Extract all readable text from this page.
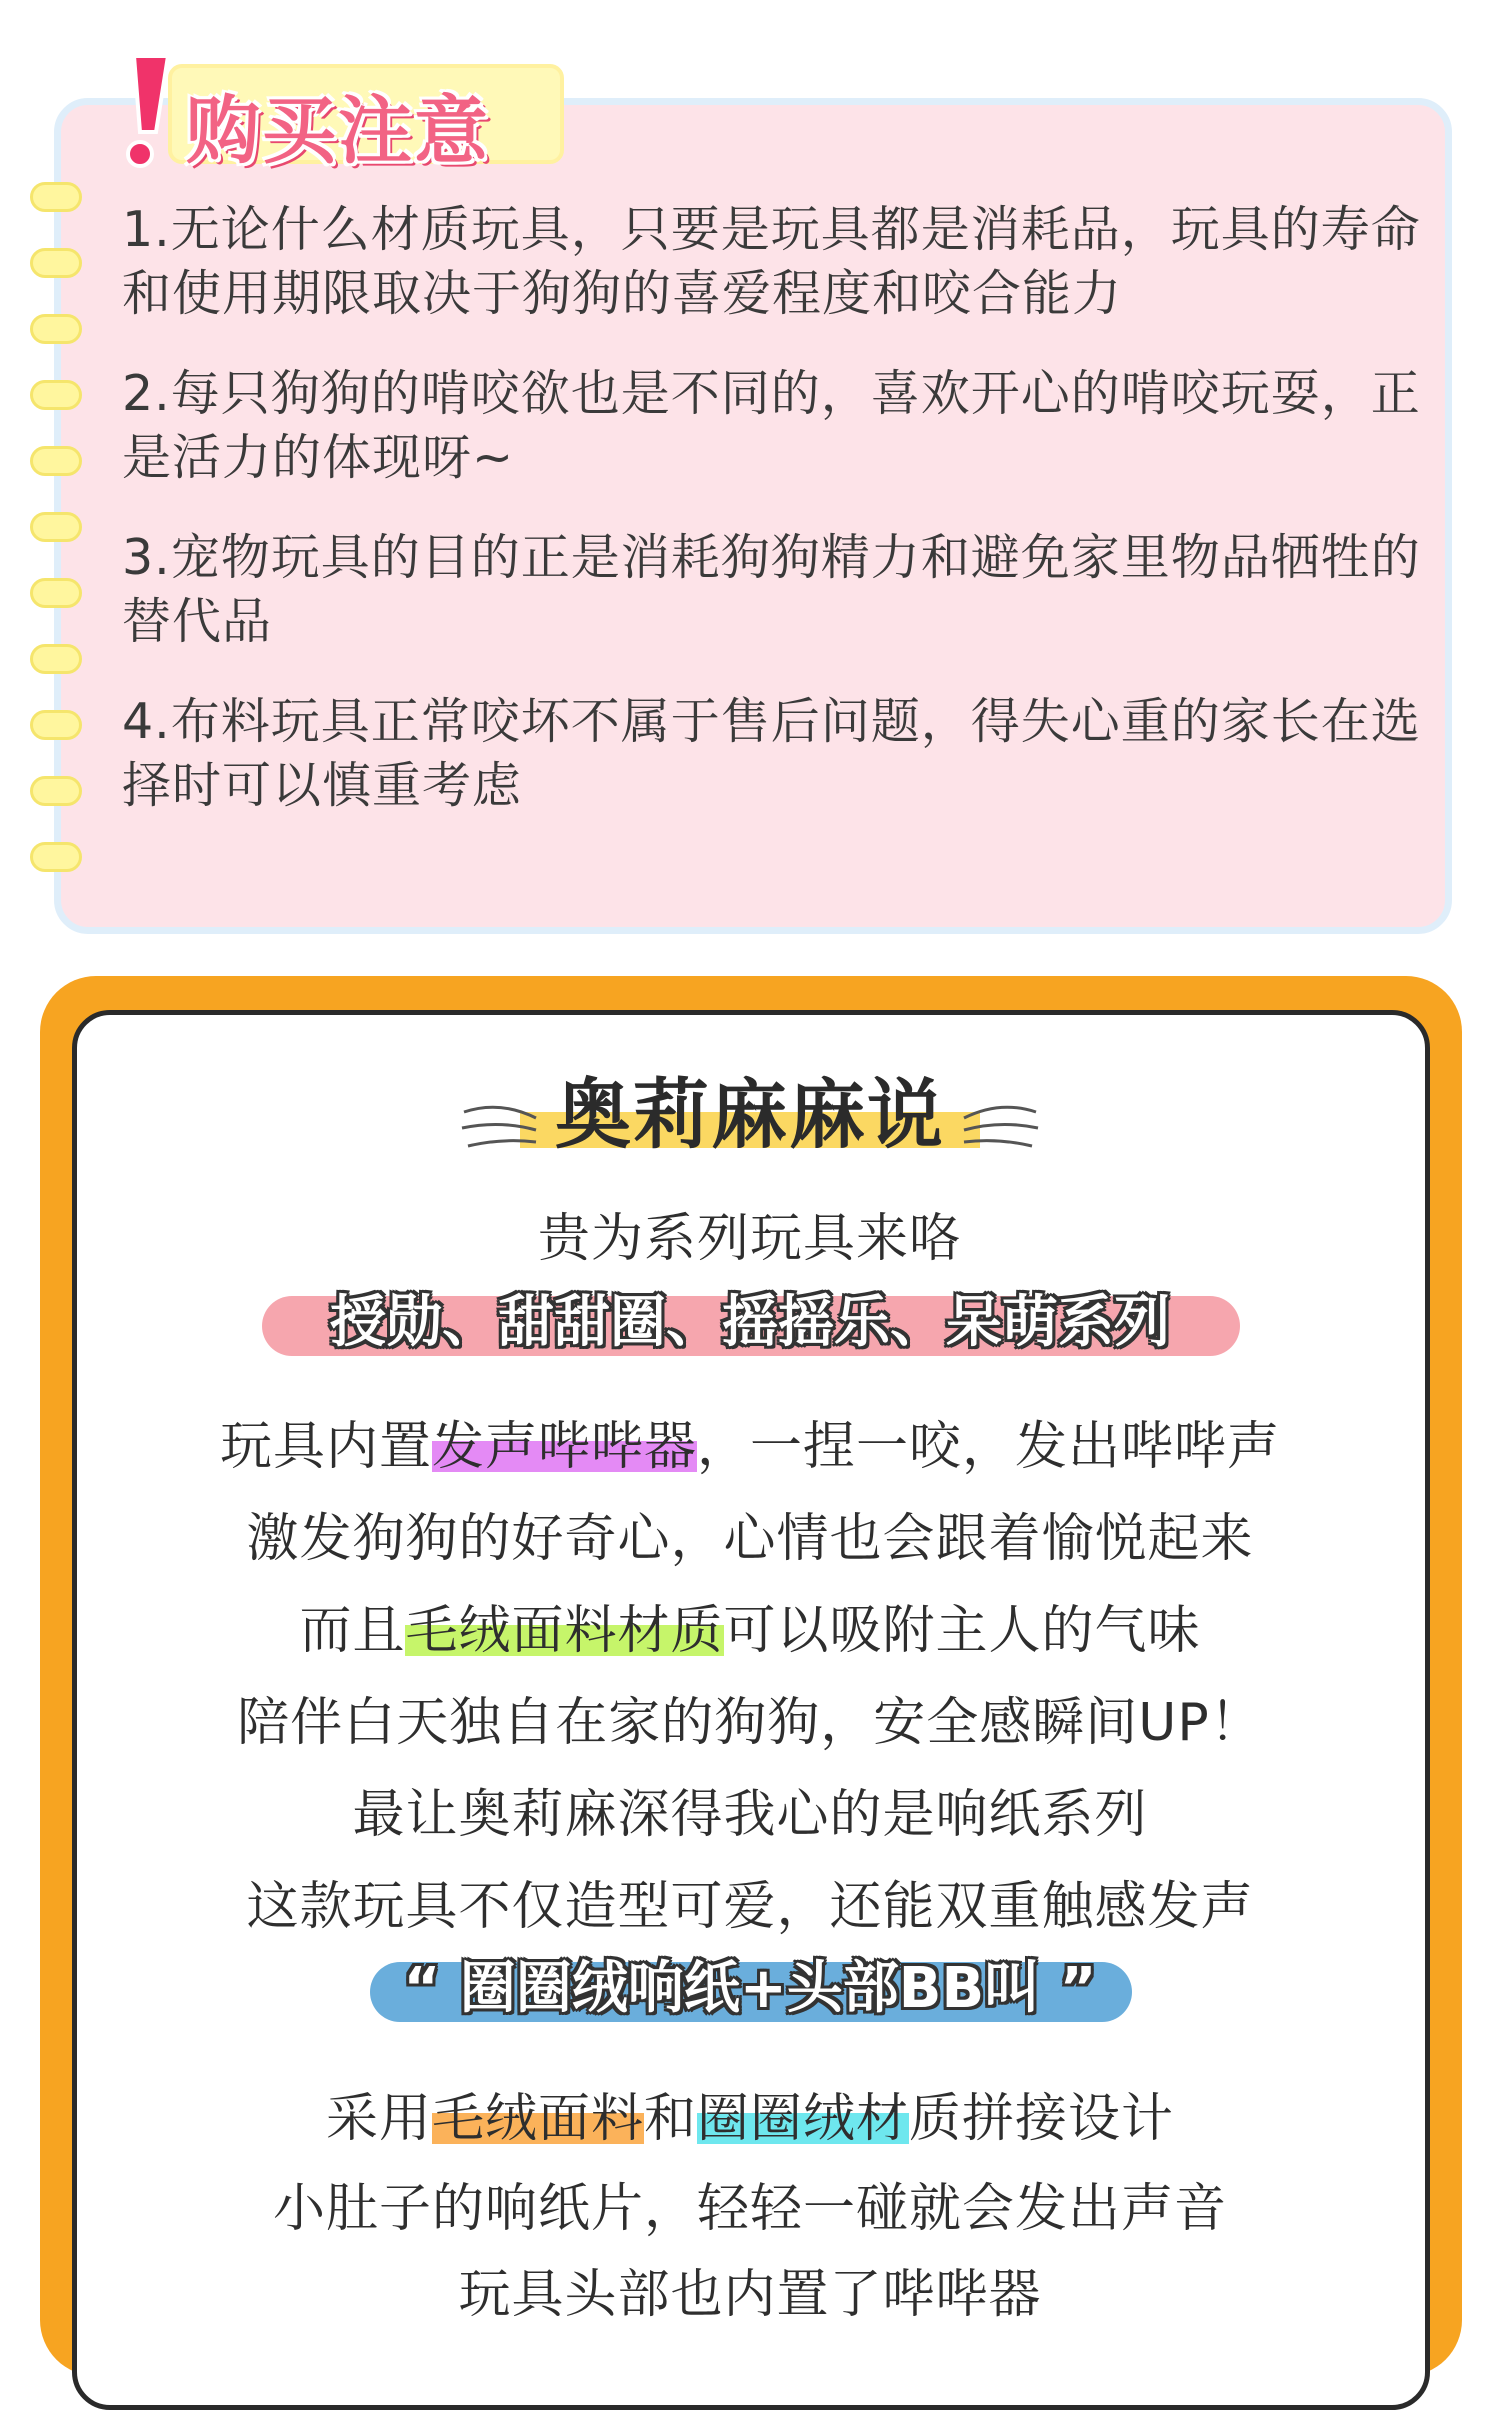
购买注意
1.无论什么材质玩具，只要是玩具都是消耗品，玩具的寿命和使用期限取决于狗狗的喜爱程度和咬合能力
2.每只狗狗的啃咬欲也是不同的，喜欢开心的啃咬玩耍，正是活力的体现呀~
3.宠物玩具的目的正是消耗狗狗精力和避免家里物品牺牲的替代品
4.布料玩具正常咬坏不属于售后问题，得失心重的家长在选择时可以慎重考虑
奥莉麻麻说
贵为系列玩具来咯
授勋、甜甜圈、摇摇乐、呆萌系列
玩具内置发声哔哔器，一捏一咬，发出哔哔声
激发狗狗的好奇心，心情也会跟着愉悦起来
而且毛绒面料材质可以吸附主人的气味
陪伴白天独自在家的狗狗，安全感瞬间UP！
最让奥莉麻深得我心的是响纸系列
这款玩具不仅造型可爱，还能双重触感发声
“ 圈圈绒响纸+头部BB叫 ”
采用毛绒面料和圈圈绒材质拼接设计
小肚子的响纸片，轻轻一碰就会发出声音
玩具头部也内置了哔哔器
